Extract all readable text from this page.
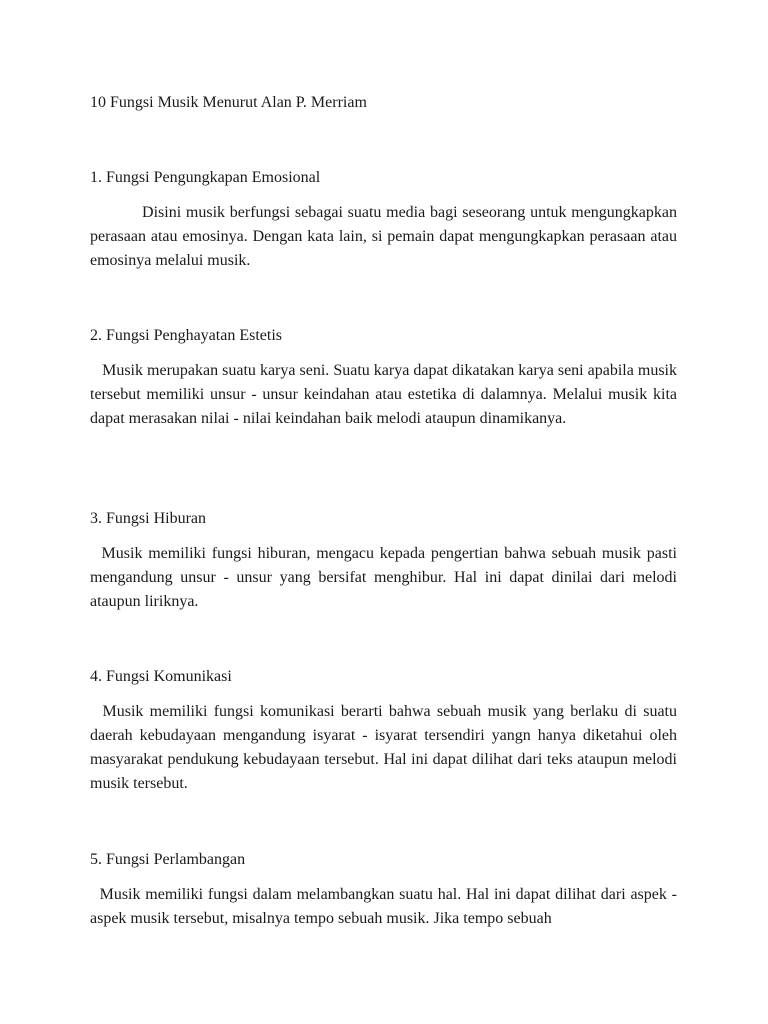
10 Fungsi Musik Menurut Alan P. Merriam
1. Fungsi Pengungkapan Emosional

Disini musik berfungsi sebagai suatu media bagi seseorang untuk mengungkapkan perasaan atau emosinya. Dengan kata lain, si pemain dapat mengungkapkan perasaan atau emosinya melalui musik.

2. Fungsi Penghayatan Estetis

Musik merupakan suatu karya seni. Suatu karya dapat dikatakan karya seni apabila musik tersebut memiliki unsur - unsur keindahan atau estetika di dalamnya. Melalui musik kita dapat merasakan nilai - nilai keindahan baik melodi ataupun dinamikanya.

3. Fungsi Hiburan

Musik memiliki fungsi hiburan, mengacu kepada pengertian bahwa sebuah musik pasti mengandung unsur - unsur yang bersifat menghibur. Hal ini dapat dinilai dari melodi ataupun liriknya.

4. Fungsi Komunikasi

Musik memiliki fungsi komunikasi berarti bahwa sebuah musik yang berlaku di suatu daerah kebudayaan mengandung isyarat - isyarat tersendiri yangn hanya diketahui oleh masyarakat pendukung kebudayaan tersebut. Hal ini dapat dilihat dari teks ataupun melodi musik tersebut.

5. Fungsi Perlambangan

Musik memiliki fungsi dalam melambangkan suatu hal. Hal ini dapat dilihat dari aspek - aspek musik tersebut, misalnya tempo sebuah musik. Jika tempo sebuah
